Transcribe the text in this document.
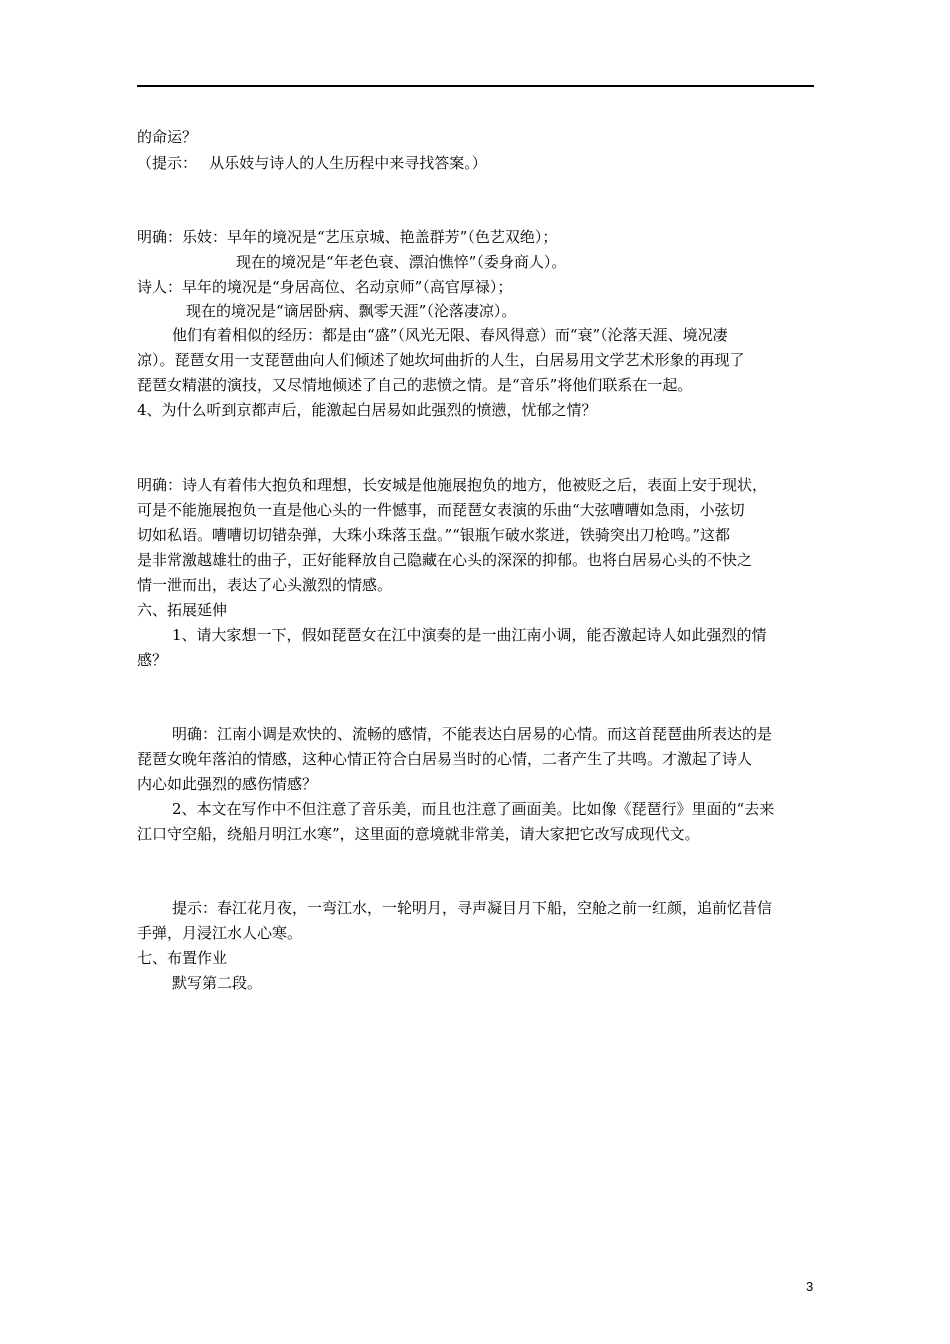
的命运？
（提示：　 从乐妓与诗人的人生历程中来寻找答案。）
明确：乐妓：早年的境况是“艺压京城、艳盖群芳”（色艺双绝）；
现在的境况是“年老色衰、漂泊憔悴”（委身商人）。
诗人：早年的境况是“身居高位、名动京师”（高官厚禄）；
现在的境况是“谪居卧病、飘零天涯”（沦落凄凉）。
他们有着相似的经历：都是由“盛”（风光无限、春风得意）而“衰”（沦落天涯、境况凄
凉）。琵琶女用一支琵琶曲向人们倾述了她坎坷曲折的人生，白居易用文学艺术形象的再现了
琵琶女精湛的演技，又尽情地倾述了自己的悲愤之情。是“音乐”将他们联系在一起。
4、为什么听到京都声后，能激起白居易如此强烈的愤懑，忧郁之情？
明确：诗人有着伟大抱负和理想，长安城是他施展抱负的地方，他被贬之后，表面上安于现状，
可是不能施展抱负一直是他心头的一件憾事，而琵琶女表演的乐曲“大弦嘈嘈如急雨，小弦切
切如私语。嘈嘈切切错杂弹，大珠小珠落玉盘。”“银瓶乍破水浆迸，铁骑突出刀枪鸣。”这都
是非常激越雄壮的曲子，正好能释放自己隐藏在心头的深深的抑郁。也将白居易心头的不快之
情一泄而出，表达了心头激烈的情感。
六、拓展延伸
1、请大家想一下，假如琵琶女在江中演奏的是一曲江南小调，能否激起诗人如此强烈的情
感？
明确：江南小调是欢快的、流畅的感情，不能表达白居易的心情。而这首琵琶曲所表达的是
琵琶女晚年落泊的情感，这种心情正符合白居易当时的心情，二者产生了共鸣。才激起了诗人
内心如此强烈的感伤情感？
2、本文在写作中不但注意了音乐美，而且也注意了画面美。比如像《琵琶行》里面的“去来
江口守空船，绕船月明江水寒”，这里面的意境就非常美，请大家把它改写成现代文。
提示：春江花月夜，一弯江水，一轮明月，寻声凝目月下船，空舱之前一红颜，追前忆昔信
手弹，月浸江水人心寒。
七、布置作业
默写第二段。
3
